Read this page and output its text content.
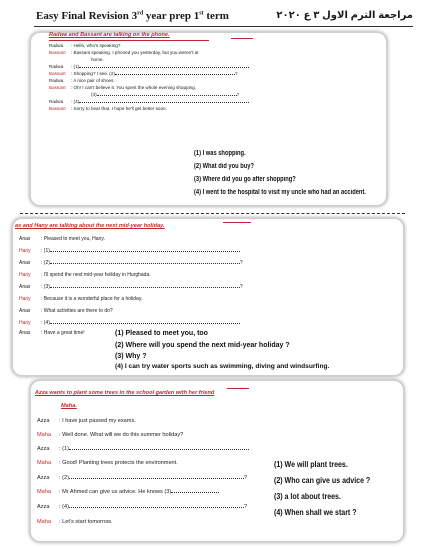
Easy Final Revision 3rd year prep 1st term	مراجعة الترم الاول ٣ ع ٢٠٢٠
Radwa and Bassant are talking on the phone.
Radwa : Hello, who's speaking?
Bassant : Bassant speaking. I phoned you yesterday, but you weren't at
home.
Radwa : (1)
Bassant : Shopping? I see. (2)	?
Radwa : A nice pair of shoes.
Bassant : Oh! I can't believe it. You spent the whole evening shopping.
(3)	?
Radwa : (4)
Bassant : Sorry to hear that. I hope he'll get better soon.
(1) I was shopping.
(2) What did you buy?
(3) Where did you go after shopping?
(4) I went to the hospital to visit my uncle who had an accident.
as and Hany are talking about the next mid-year holiday.
Anas : Pleased to meet you, Hany.
Hany : (1)
Anas : (2)	?
Hany : I'll spend the next mid-year holiday in Hurghada.
Anas : (3)	?
Hany : Because it is a wonderful place for a holiday.
Anas : What activities are there to do?
Hany : (4)
Anas : Have a great time!	(1) Pleased to meet you, too
(2) Where will you spend the next mid-year holiday ?
(3) Why ?
(4) I can try water sports such as swimming, diving and windsurfing.
Azza wants to plant some trees in the school garden with her friend
Maha.
Azza : I have just passed my exams.
Maha : Well done. What will we do this summer holiday?
Azza : (1)
Maha : Good! Planting trees protects the environment.
Azza : (2)	?
Maha : Mr Ahmed can give us advice. He knows (3)
Azza : (4)	?
Maha : Let's start tomorrow.
(1) We will plant trees.
(2) Who can give us advice ?
(3) a lot about trees.
(4) When shall we start ?
